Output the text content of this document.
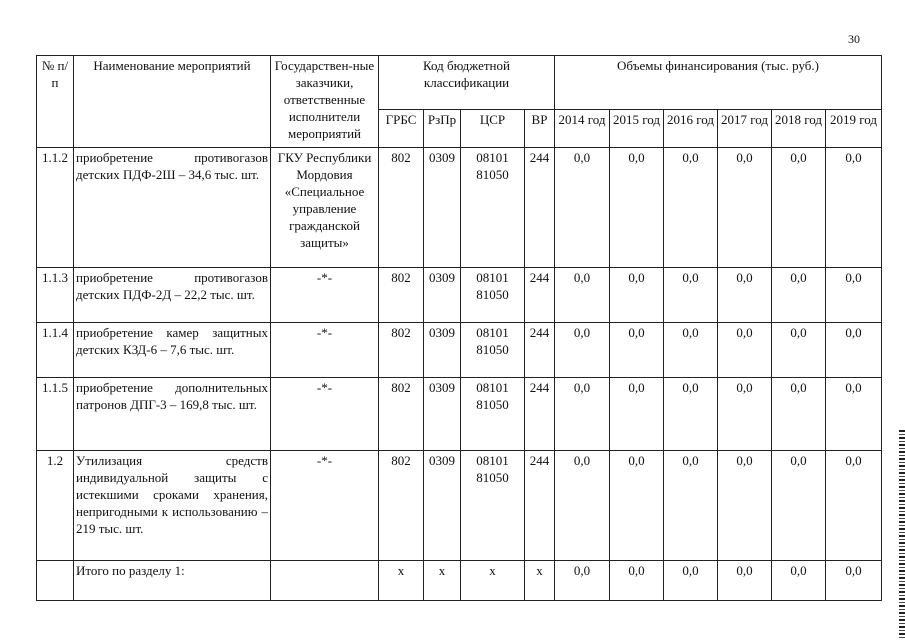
30
№ п/п	Наименование мероприятий	Государствен-ные заказчики, ответственные исполнители мероприятий	Код бюджетной классификации				Объемы финансирования (тыс. руб.)					
			ГРБС	РзПр	ЦСР	ВР	2014 год	2015 год	2016 год	2017 год	2018 год	2019 год
1.1.2	приобретение противогазов детских ПДФ-2Ш – 34,6 тыс. шт.	ГКУ Республики Мордовия «Специальное управление гражданской защиты»	802	0309	08101 81050	244	0,0	0,0	0,0	0,0	0,0	0,0
1.1.3	приобретение противогазов детских ПДФ-2Д – 22,2 тыс. шт.	-*-	802	0309	08101 81050	244	0,0	0,0	0,0	0,0	0,0	0,0
1.1.4	приобретение камер защитных детских КЗД-6 – 7,6 тыс. шт.	-*-	802	0309	08101 81050	244	0,0	0,0	0,0	0,0	0,0	0,0
1.1.5	приобретение дополнительных патронов ДПГ-3 – 169,8 тыс. шт.	-*-	802	0309	08101 81050	244	0,0	0,0	0,0	0,0	0,0	0,0
1.2	Утилизация средств индивидуальной защиты с истекшими сроками хранения, непригодными к использованию – 219 тыс. шт.	-*-	802	0309	08101 81050	244	0,0	0,0	0,0	0,0	0,0	0,0
	Итого по разделу 1:		х	х	х	х	0,0	0,0	0,0	0,0	0,0	0,0
